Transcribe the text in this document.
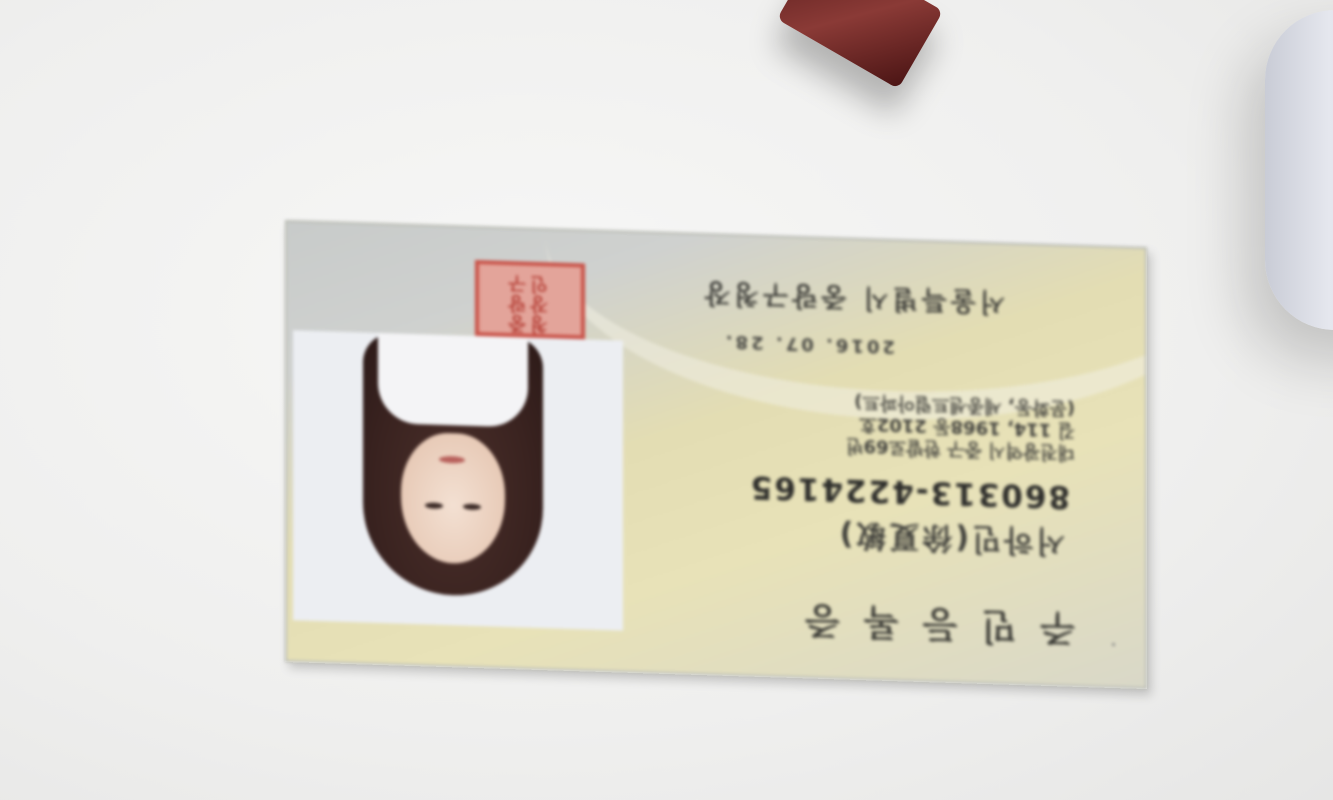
주민등록증
서하민(徐夏敏)
860313-4224165
대전광역시 중구 한밭로69번
길 114, 1968동 2102호
(문화동, 세종센트럴아파트)
2016. 07. 28.
서울특별시 중랑구청장
중랑구청장인
